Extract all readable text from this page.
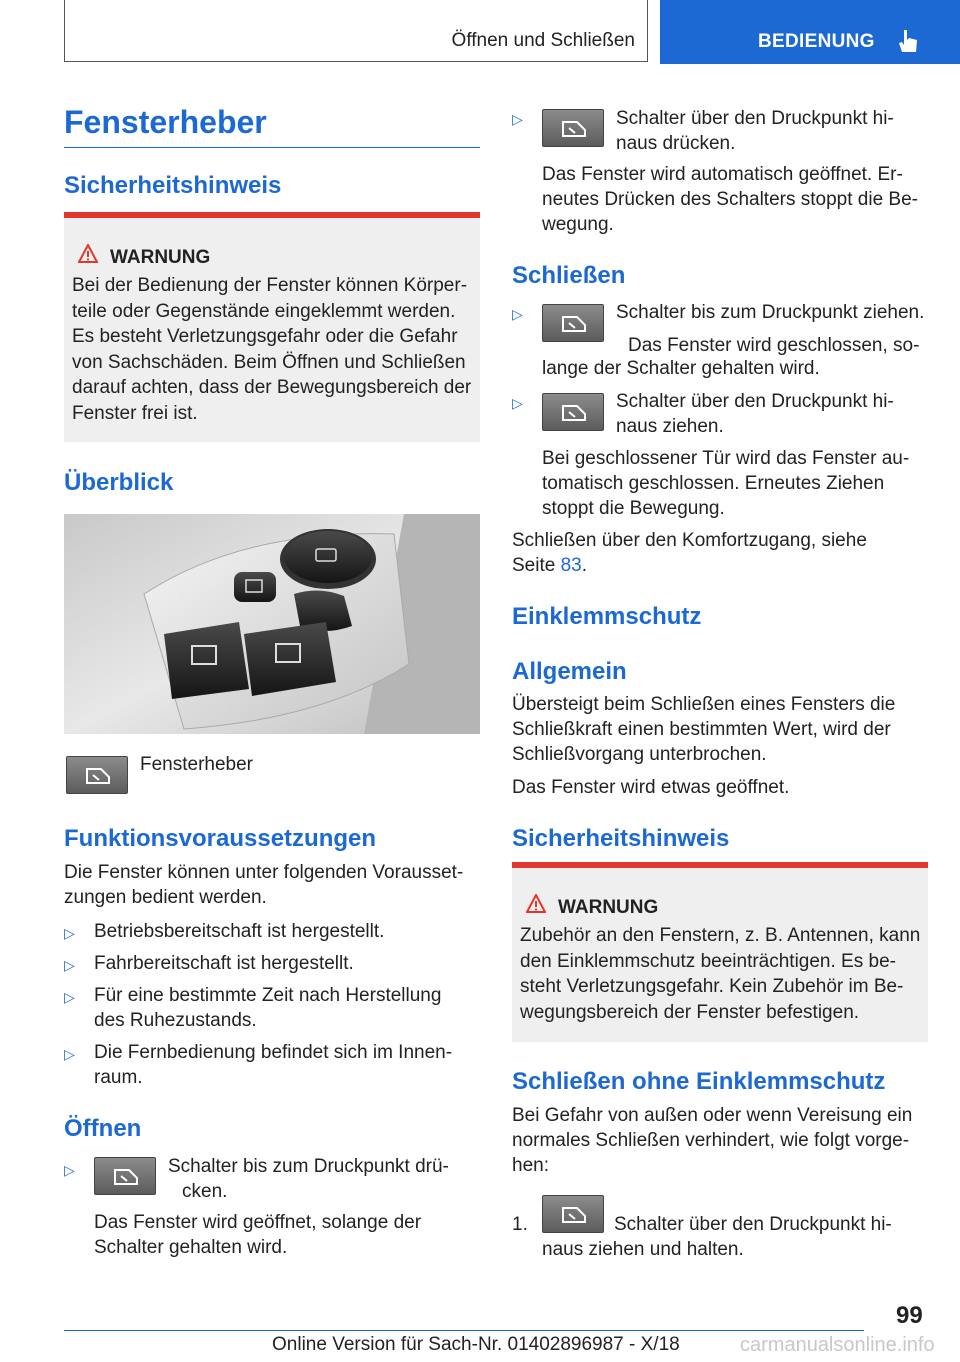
Öffnen und Schließen	BEDIENUNG
Fensterheber
Sicherheitshinweis
WARNUNG
Bei der Bedienung der Fenster können Körper-
teile oder Gegenstände eingeklemmt werden.
Es besteht Verletzungsgefahr oder die Gefahr
von Sachschäden. Beim Öffnen und Schließen
darauf achten, dass der Bewegungsbereich der
Fenster frei ist.
Überblick
Fensterheber
Funktionsvoraussetzungen
Die Fenster können unter folgenden Vorausset-
zungen bedient werden.
▷ Betriebsbereitschaft ist hergestellt.
▷ Fahrbereitschaft ist hergestellt.
▷ Für eine bestimmte Zeit nach Herstellung
des Ruhezustands.
▷ Die Fernbedienung befindet sich im Innen-
raum.
Öffnen
▷	Schalter bis zum Druckpunkt drü-
cken.
Das Fenster wird geöffnet, solange der
Schalter gehalten wird.
▷	Schalter über den Druckpunkt hi-
naus drücken.
Das Fenster wird automatisch geöffnet. Er-
neutes Drücken des Schalters stoppt die Be-
wegung.
Schließen
▷	Schalter bis zum Druckpunkt ziehen.
Das Fenster wird geschlossen, so-
lange der Schalter gehalten wird.
▷	Schalter über den Druckpunkt hi-
naus ziehen.
Bei geschlossener Tür wird das Fenster au-
tomatisch geschlossen. Erneutes Ziehen
stoppt die Bewegung.
Schließen über den Komfortzugang, siehe
Seite 83.
Einklemmschutz
Allgemein
Übersteigt beim Schließen eines Fensters die
Schließkraft einen bestimmten Wert, wird der
Schließvorgang unterbrochen.
Das Fenster wird etwas geöffnet.
Sicherheitshinweis
WARNUNG
Zubehör an den Fenstern, z. B. Antennen, kann
den Einklemmschutz beeinträchtigen. Es be-
steht Verletzungsgefahr. Kein Zubehör im Be-
wegungsbereich der Fenster befestigen.
Schließen ohne Einklemmschutz
Bei Gefahr von außen oder wenn Vereisung ein
normales Schließen verhindert, wie folgt vorge-
hen:
1.	Schalter über den Druckpunkt hi-
naus ziehen und halten.
99
Online Version für Sach-Nr. 01402896987 - X/18	carmanualsonline.info
